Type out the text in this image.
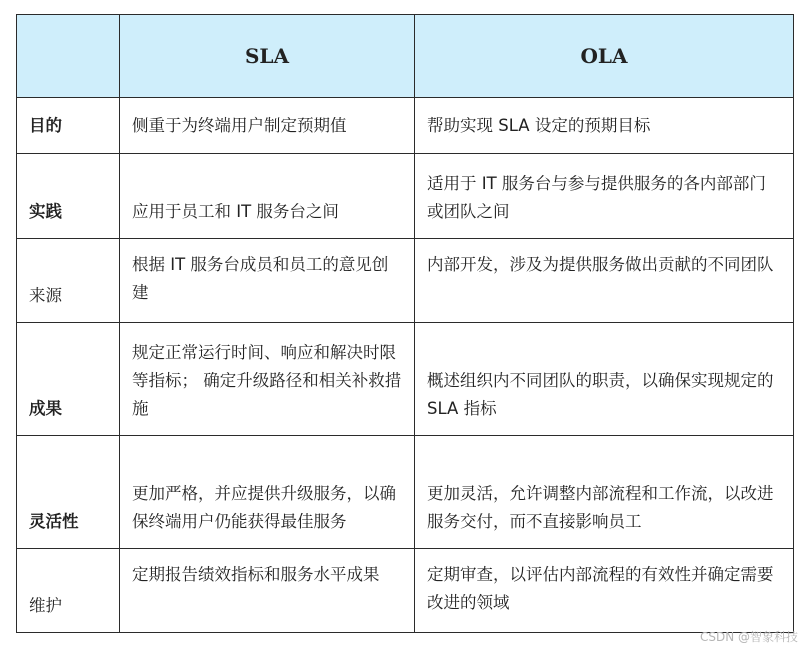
	SLA	OLA
目的	侧重于为终端用户制定预期值	帮助实现 SLA 设定的预期目标
实践	应用于员工和 IT 服务台之间	适用于 IT 服务台与参与提供服务的各内部部门或团队之间
来源	根据 IT 服务台成员和员工的意见创建	内部开发，涉及为提供服务做出贡献的不同团队
成果	规定正常运行时间、响应和解决时限等指标； 确定升级路径和相关补救措施	概述组织内不同团队的职责，以确保实现规定的 SLA 指标
灵活性	更加严格，并应提供升级服务，以确保终端用户仍能获得最佳服务	更加灵活，允许调整内部流程和工作流，以改进服务交付，而不直接影响员工
维护	定期报告绩效指标和服务水平成果	定期审查，以评估内部流程的有效性并确定需要改进的领域
CSDN @智象科技
